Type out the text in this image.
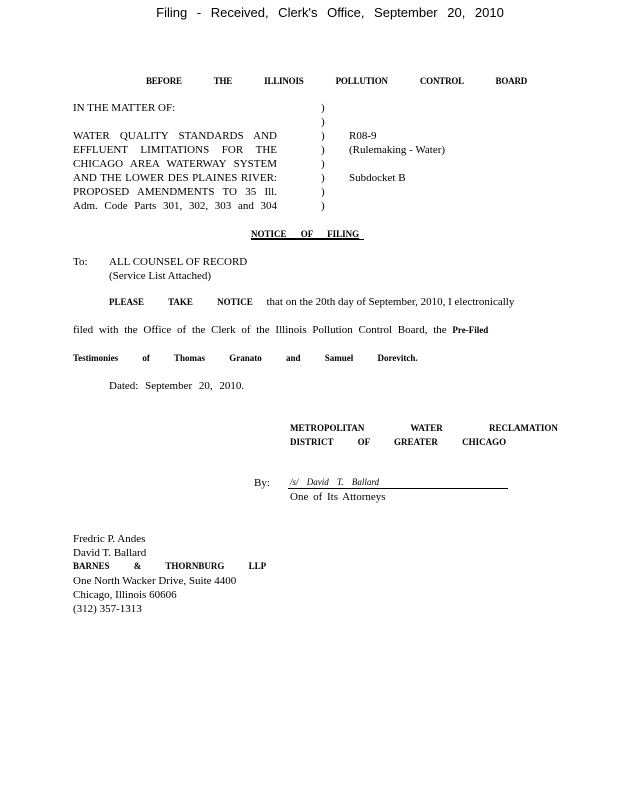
Filing - Received, Clerk's Office, September 20, 2010
BEFORE THE ILLINOIS POLLUTION CONTROL BOARD
IN THE MATTER OF:
WATER QUALITY STANDARDS AND
EFFLUENT LIMITATIONS FOR THE
CHICAGO AREA WATERWAY SYSTEM
AND THE LOWER DES PLAINES RIVER:
PROPOSED AMENDMENTS TO 35 Ill.
Adm. Code Parts 301, 302, 303 and 304
)
)
)
)
)
)
)
)
R08-9
(Rulemaking - Water)
Subdocket B
NOTICE OF FILING
To: ALL COUNSEL OF RECORD
(Service List Attached)
PLEASE TAKE NOTICE that on the 20th day of September, 2010, I electronically
filed with the Office of the Clerk of the Illinois Pollution Control Board, the Pre-Filed
Testimonies of Thomas Granato and Samuel Dorevitch.
Dated: September 20, 2010.
METROPOLITAN WATER RECLAMATION
DISTRICT OF GREATER CHICAGO
By: /s/ David T. Ballard
One of Its Attorneys
Fredric P. Andes
David T. Ballard
BARNES & THORNBURG LLP
One North Wacker Drive, Suite 4400
Chicago, Illinois 60606
(312) 357-1313
